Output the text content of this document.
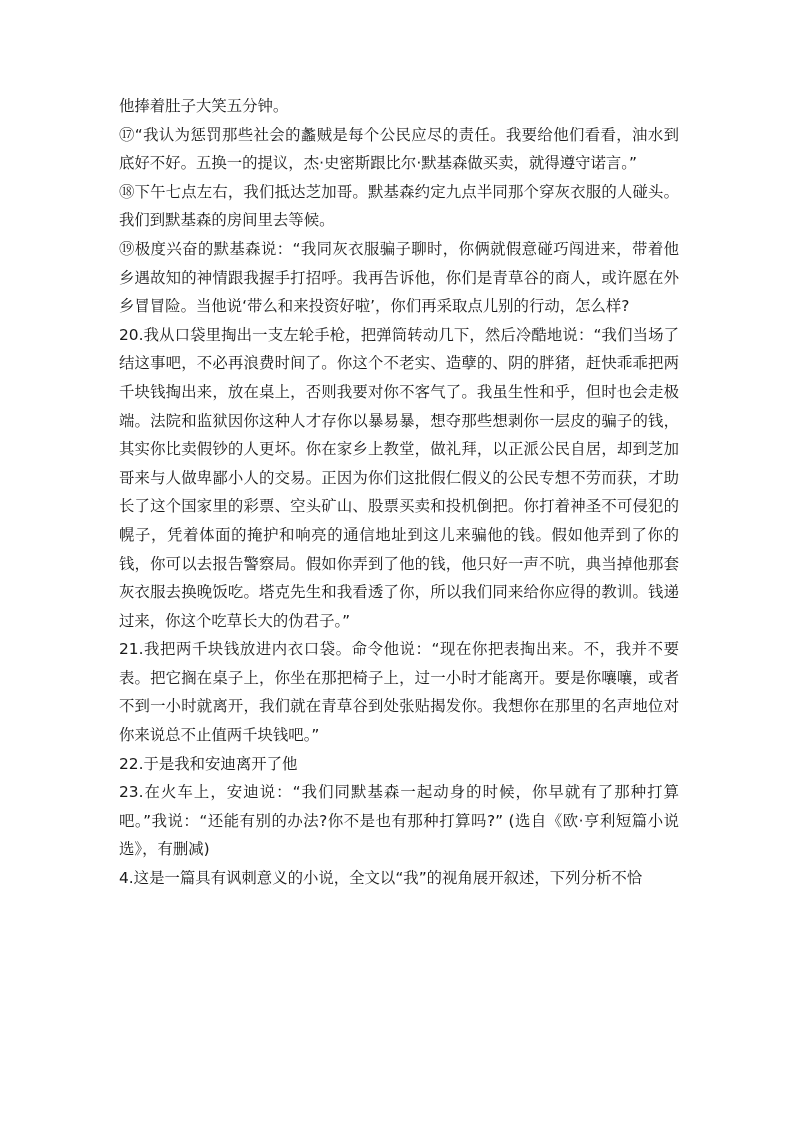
他捧着肚子大笑五分钟。

⑰“我认为惩罚那些社会的蠡贼是每个公民应尽的责任。我要给他们看看，油水到底好不好。五换一的提议，杰·史密斯跟比尔·默基森做买卖，就得遵守诺言。”

⑱下午七点左右，我们抵达芝加哥。默基森约定九点半同那个穿灰衣服的人碰头。我们到默基森的房间里去等候。

⑲极度兴奋的默基森说：“我同灰衣服骗子聊时，你俩就假意碰巧闯进来，带着他乡遇故知的神情跟我握手打招呼。我再告诉他，你们是青草谷的商人，或许愿在外乡冒冒险。当他说‘带么和来投资好啦’，你们再采取点儿别的行动，怎么样?

20.我从口袋里掏出一支左轮手枪，把弹筒转动几下，然后冷酷地说：“我们当场了结这事吧，不必再浪费时间了。你这个不老实、造孽的、阴的胖猪，赶快乖乖把两千块钱掏出来，放在桌上，否则我要对你不客气了。我虽生性和乎，但时也会走极端。法院和监狱因你这种人才存你以暴易暴，想夺那些想剥你一层皮的骗子的钱，其实你比卖假钞的人更坏。你在家乡上教堂，做礼拜，以正派公民自居，却到芝加哥来与人做卑鄙小人的交易。正因为你们这批假仁假义的公民专想不劳而获，才助长了这个国家里的彩票、空头矿山、股票买卖和投机倒把。你打着神圣不可侵犯的幌子，凭着体面的掩护和响亮的通信地址到这儿来骗他的钱。假如他弄到了你的钱，你可以去报告警察局。假如你弄到了他的钱，他只好一声不吭，典当掉他那套灰衣服去换晚饭吃。塔克先生和我看透了你，所以我们同来给你应得的教训。钱递过来，你这个吃草长大的伪君子。”

21.我把两千块钱放进内衣口袋。命令他说：“现在你把表掏出来。不，我并不要表。把它搁在桌子上，你坐在那把椅子上，过一小时才能离开。要是你嚷嚷，或者不到一小时就离开，我们就在青草谷到处张贴揭发你。我想你在那里的名声地位对你来说总不止值两千块钱吧。”

22.于是我和安迪离开了他

23.在火车上，安迪说：“我们同默基森一起动身的时候，你早就有了那种打算吧。”我说：“还能有别的办法?你不是也有那种打算吗?” (选自《欧·亨利短篇小说选》，有删减)

4.这是一篇具有讽刺意义的小说，全文以“我”的视角展开叙述，下列分析不恰
